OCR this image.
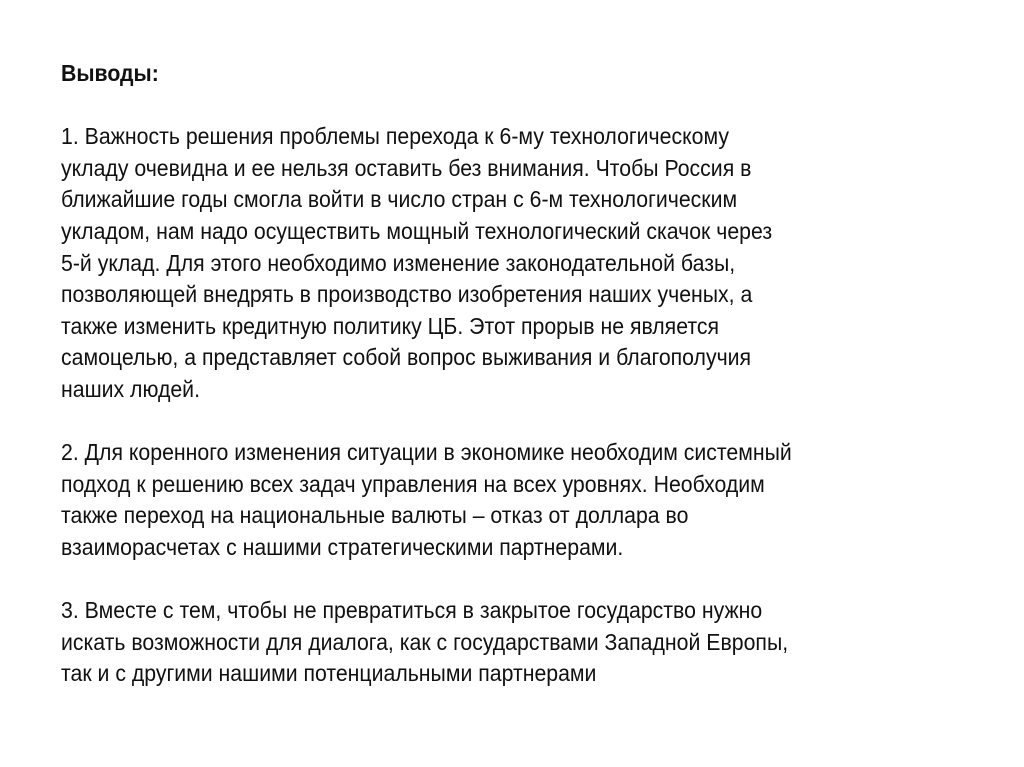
Выводы:
1. Важность решения проблемы перехода к 6-му технологическому
укладу очевидна и ее нельзя оставить без внимания. Чтобы Россия в
ближайшие годы смогла войти в число стран с 6-м технологическим
укладом, нам надо осуществить мощный технологический скачок через
5-й уклад. Для этого необходимо изменение законодательной базы,
позволяющей внедрять в производство изобретения наших ученых, а
также изменить кредитную политику ЦБ. Этот прорыв не является
самоцелью, а представляет собой вопрос выживания и благополучия
наших людей.
2. Для коренного изменения ситуации в экономике необходим системный
подход к решению всех задач управления на всех уровнях. Необходим
также переход на национальные валюты – отказ от доллара во
взаиморасчетах с нашими стратегическими партнерами.
3. Вместе с тем, чтобы не превратиться в закрытое государство нужно
искать возможности для диалога, как с государствами Западной Европы,
так и с другими нашими потенциальными партнерами
